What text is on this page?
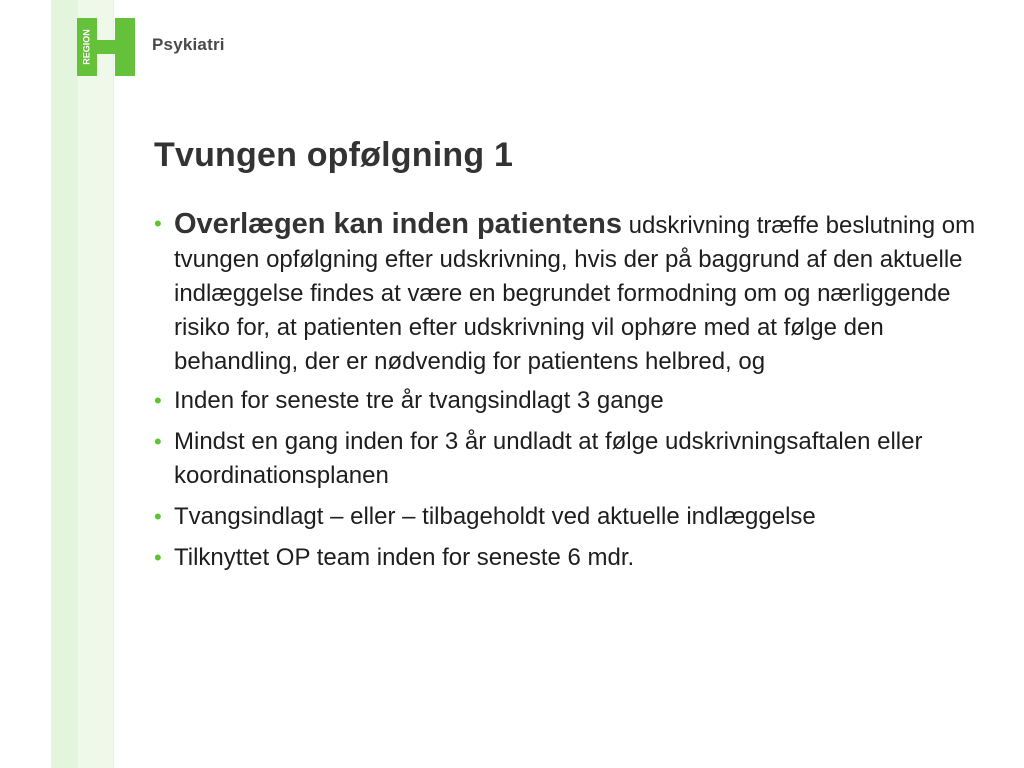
REGION	Psykiatri
Tvungen opfølgning 1
• Overlægen kan inden patientens udskrivning træffe beslutning om tvungen opfølgning efter udskrivning, hvis der på baggrund af den aktuelle indlæggelse findes at være en begrundet formodning om og nærliggende risiko for, at patienten efter udskrivning vil ophøre med at følge den behandling, der er nødvendig for patientens helbred, og
• Inden for seneste tre år tvangsindlagt 3 gange
• Mindst en gang inden for 3 år undladt at følge udskrivningsaftalen eller koordinationsplanen
• Tvangsindlagt – eller – tilbageholdt ved aktuelle indlæggelse
• Tilknyttet OP team inden for seneste 6 mdr.
